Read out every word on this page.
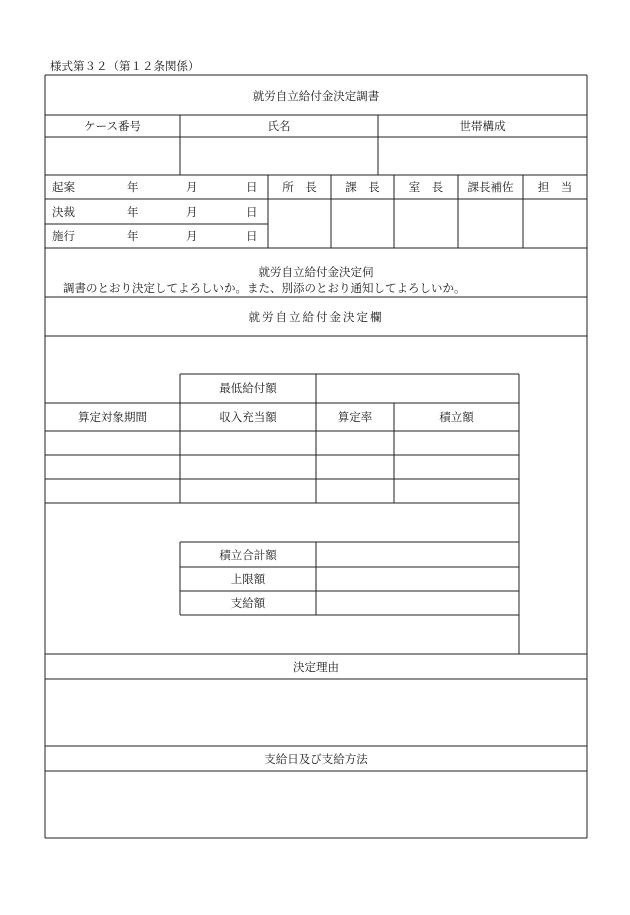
様式第３２（第１２条関係）
就労自立給付金決定調書
ケース番号	氏名	世帯構成
起案	年	月	日
決裁	年	月	日
施行	年	月	日
所　長	課　長	室　長	課長補佐	担　当
就労自立給付金決定伺
調書のとおり決定してよろしいか。また、別添のとおり通知してよろしいか。
就労自立給付金決定欄
最低給付額
算定対象期間	収入充当額	算定率	積立額
積立合計額
上限額
支給額
決定理由
支給日及び支給方法
